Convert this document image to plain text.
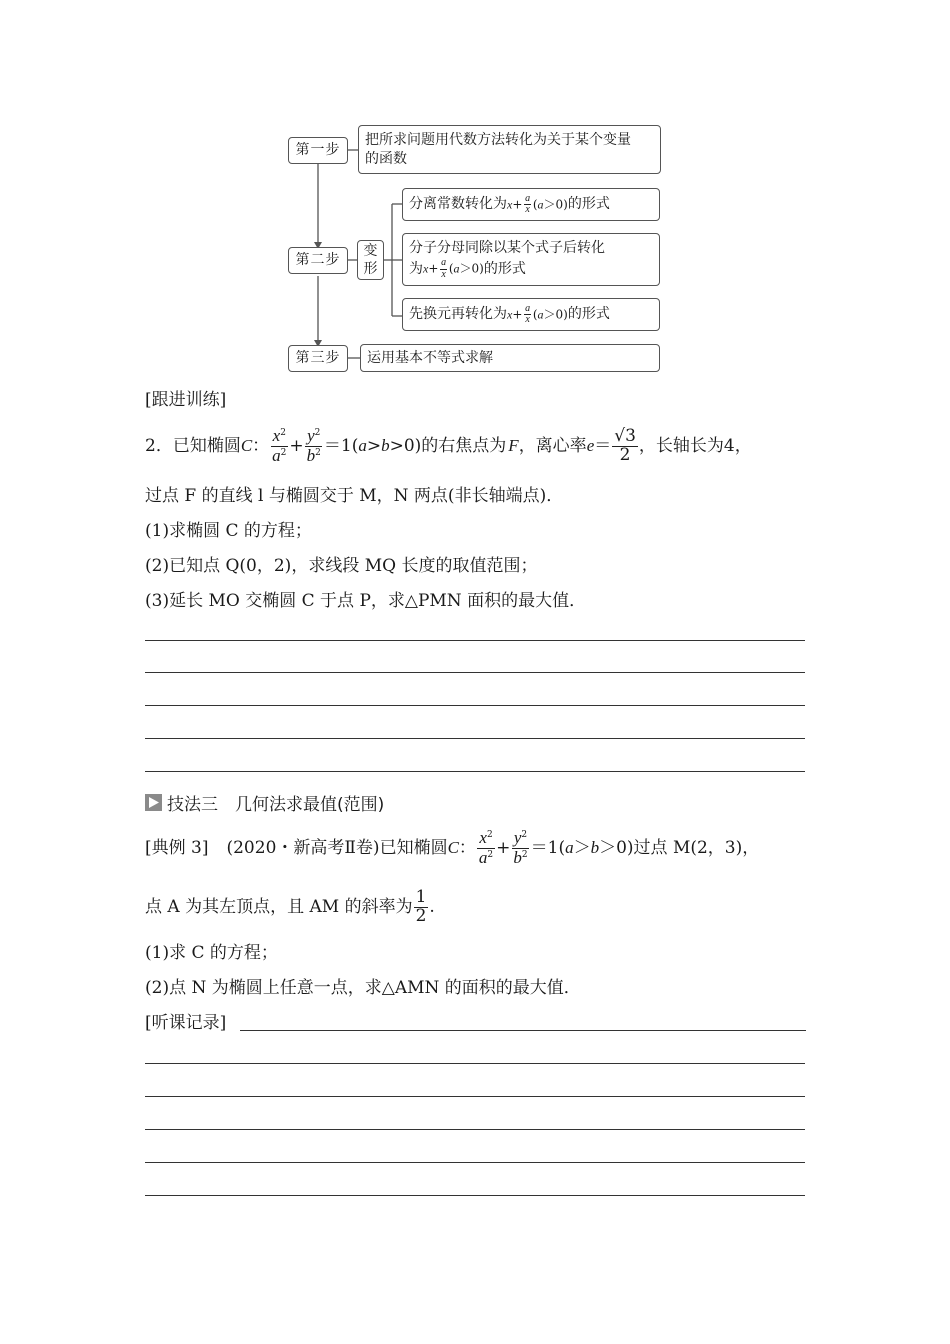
第一步
把所求问题用代数方法转化为关于某个变量
的函数
第二步
变
形
分离常数转化为 $x+ \frac{a}{x} (a>0)$ 的形式
分子分母同除以某个式子后转化
为 $x+ \frac{a}{x} (a>0)$ 的形式
先换元再转化为 $x+ \frac{a}{x} (a>0)$ 的形式
第三步 运用基本不等式求解
[跟进训练]
2．已知椭圆 C ： $\frac{x^2}{a^2} + \frac{y^2}{b^2} =1$( a > b >0) 的右焦点为 F ，离心率 $e = \frac{√3}{2}$ ，长轴长为4，
过点 F 的直线 l 与椭圆交于 M，N 两点(非长轴端点)．
(1)求椭圆 C 的方程；
(2)已知点 Q(0，2)，求线段 MQ 长度的取值范围；
(3)延长 MO 交椭圆 C 于点 P，求△PMN 面积的最大值．
技法三　几何法求最值(范围)
[典例 3] (2020・新高考Ⅱ卷)已知椭圆 C ： $\frac{x^2}{a^2} + \frac{y^2}{b^2} =1$( a ＞ b ＞0) 过点 M(2，3)，
点 A 为其左顶点，且 AM 的斜率为 $\frac{1}{2}$ .
(1)求 C 的方程；
(2)点 N 为椭圆上任意一点，求△AMN 的面积的最大值．
[听课记录]
